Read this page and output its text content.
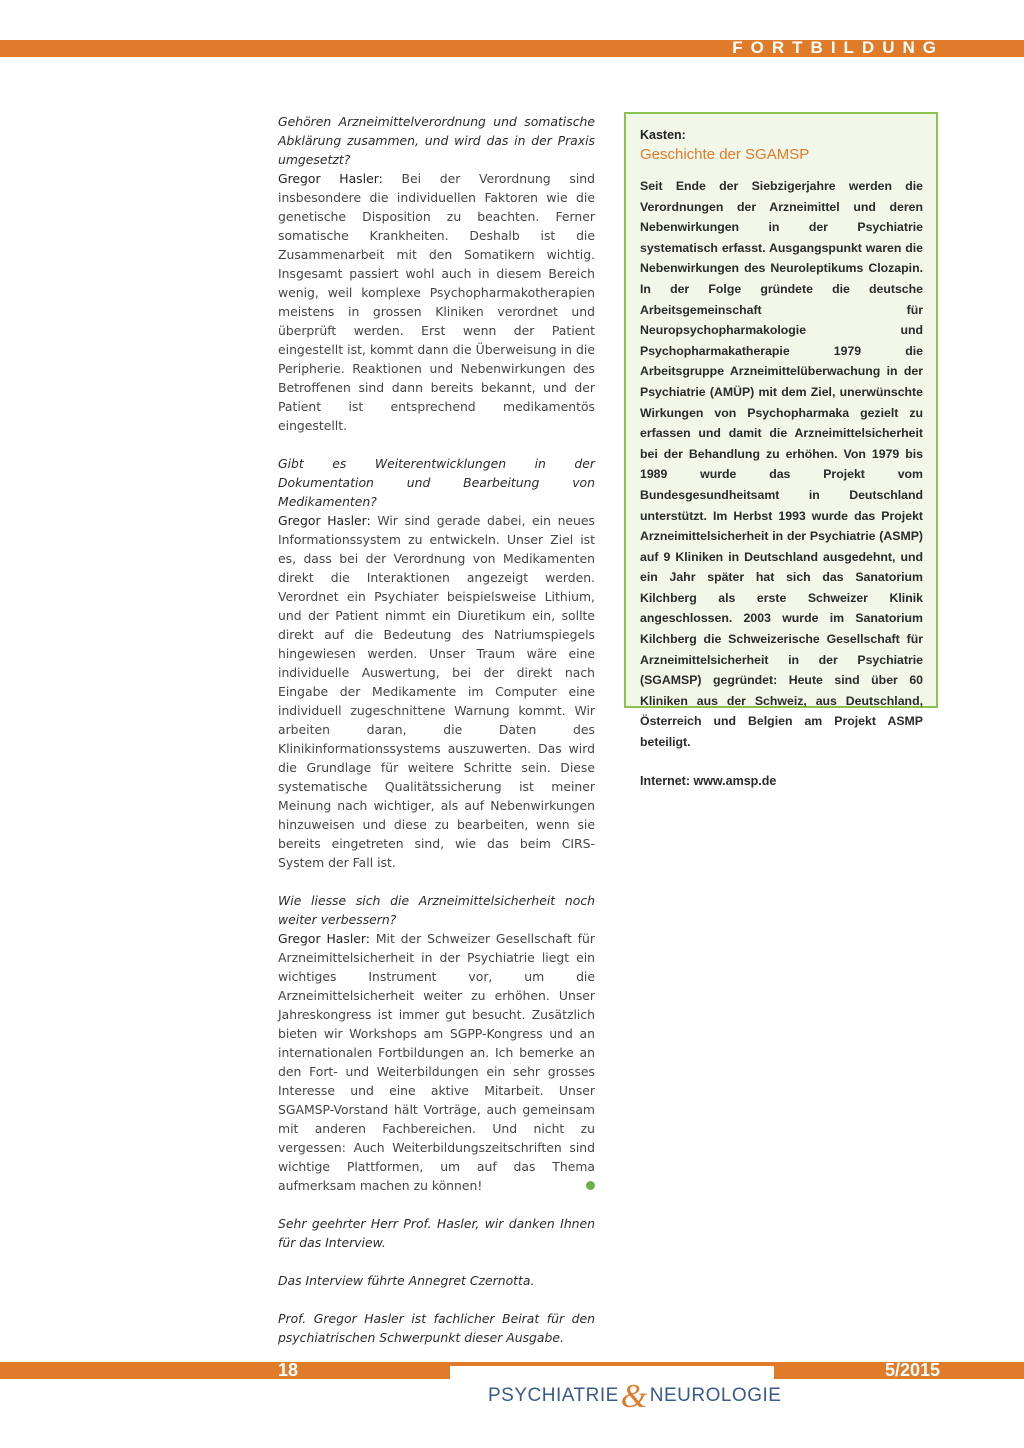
FORTBILDUNG

Gehören Arzneimittelverordnung und somatische Abklärung zusammen, und wird das in der Praxis umgesetzt?

Gregor Hasler: Bei der Verordnung sind insbesondere die individuellen Faktoren wie die genetische Disposition zu beachten. Ferner somatische Krankheiten. Deshalb ist die Zusammenarbeit mit den Somatikern wichtig. Insgesamt passiert wohl auch in diesem Bereich wenig, weil komplexe Psychopharmakotherapien meistens in grossen Kliniken verordnet und überprüft werden. Erst wenn der Patient eingestellt ist, kommt dann die Überweisung in die Peripherie. Reaktionen und Nebenwirkungen des Betroffenen sind dann bereits bekannt, und der Patient ist entsprechend medikamentös eingestellt.

Gibt es Weiterentwicklungen in der Dokumentation und Bearbeitung von Medikamenten?

Gregor Hasler: Wir sind gerade dabei, ein neues Informationssystem zu entwickeln. Unser Ziel ist es, dass bei der Verordnung von Medikamenten direkt die Interaktionen angezeigt werden. Verordnet ein Psychiater beispielsweise Lithium, und der Patient nimmt ein Diuretikum ein, sollte direkt auf die Bedeutung des Natriumspiegels hingewiesen werden. Unser Traum wäre eine individuelle Auswertung, bei der direkt nach Eingabe der Medikamente im Computer eine individuell zugeschnittene Warnung kommt. Wir arbeiten daran, die Daten des Klinikinformationssystems auszuwerten. Das wird die Grundlage für weitere Schritte sein. Diese systematische Qualitätssicherung ist meiner Meinung nach wichtiger, als auf Nebenwirkungen hinzuweisen und diese zu bearbeiten, wenn sie bereits eingetreten sind, wie das beim CIRS-System der Fall ist.

Wie liesse sich die Arzneimittelsicherheit noch weiter verbessern?

Gregor Hasler: Mit der Schweizer Gesellschaft für Arzneimittelsicherheit in der Psychiatrie liegt ein wichtiges Instrument vor, um die Arzneimittelsicherheit weiter zu erhöhen. Unser Jahreskongress ist immer gut besucht. Zusätzlich bieten wir Workshops am SGPP-Kongress und an internationalen Fortbildungen an. Ich bemerke an den Fort- und Weiterbildungen ein sehr grosses Interesse und eine aktive Mitarbeit. Unser SGAMSP-Vorstand hält Vorträge, auch gemeinsam mit anderen Fachbereichen. Und nicht zu vergessen: Auch Weiterbildungszeitschriften sind wichtige Plattformen, um auf das Thema aufmerksam machen zu können!

Sehr geehrter Herr Prof. Hasler, wir danken Ihnen für das Interview.

Das Interview führte Annegret Czernotta.

Prof. Gregor Hasler ist fachlicher Beirat für den psychiatrischen Schwerpunkt dieser Ausgabe.

Kasten:
Geschichte der SGAMSP
Seit Ende der Siebzigerjahre werden die Verordnungen der Arzneimittel und deren Nebenwirkungen in der Psychiatrie systematisch erfasst. Ausgangspunkt waren die Nebenwirkungen des Neuroleptikums Clozapin. In der Folge gründete die deutsche Arbeitsgemeinschaft für Neuropsychopharmakologie und Psychopharmakatherapie 1979 die Arbeitsgruppe Arzneimittelüberwachung in der Psychiatrie (AMÜP) mit dem Ziel, unerwünschte Wirkungen von Psychopharmaka gezielt zu erfassen und damit die Arzneimittelsicherheit bei der Behandlung zu erhöhen. Von 1979 bis 1989 wurde das Projekt vom Bundesgesundheitsamt in Deutschland unterstützt. Im Herbst 1993 wurde das Projekt Arzneimittelsicherheit in der Psychiatrie (ASMP) auf 9 Kliniken in Deutschland ausgedehnt, und ein Jahr später hat sich das Sanatorium Kilchberg als erste Schweizer Klinik angeschlossen. 2003 wurde im Sanatorium Kilchberg die Schweizerische Gesellschaft für Arzneimittelsicherheit in der Psychiatrie (SGAMSP) gegründet: Heute sind über 60 Kliniken aus der Schweiz, aus Deutschland, Österreich und Belgien am Projekt ASMP beteiligt.
Internet: www.amsp.de
18	5/2015
PSYCHIATRIE& NEUROLOGIE
